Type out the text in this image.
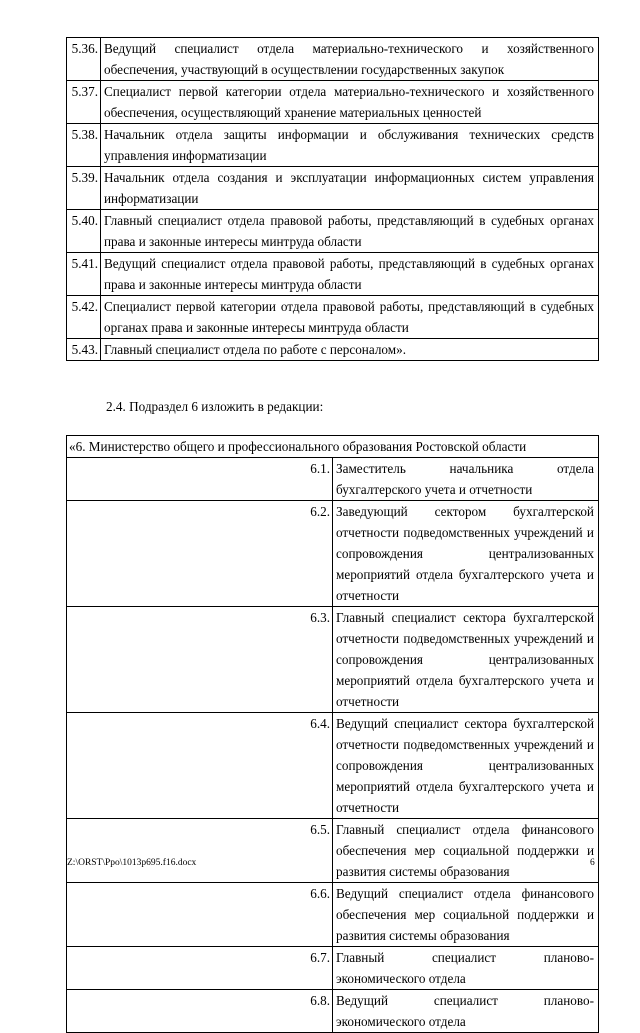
5.36.	Ведущий специалист отдела материально-технического и хозяйственного обеспечения, участвующий в осуществлении государственных закупок
5.37.	Специалист первой категории отдела материально-технического и хозяйственного обеспечения, осуществляющий хранение материальных ценностей
5.38.	Начальник отдела защиты информации и обслуживания технических средств управления информатизации
5.39.	Начальник отдела создания и эксплуатации информационных систем управления информатизации
5.40.	Главный специалист отдела правовой работы, представляющий в судебных органах права и законные интересы минтруда области
5.41.	Ведущий специалист отдела правовой работы, представляющий в судебных органах права и законные интересы минтруда области
5.42.	Специалист первой категории отдела правовой работы, представляющий в судебных органах права и законные интересы минтруда области
5.43.	Главный специалист отдела по работе с персоналом».
2.4. Подраздел 6 изложить в редакции:
«6. Министерство общего и профессионального образования Ростовской области	
6.1.	Заместитель начальника отдела бухгалтерского учета и отчетности
6.2.	Заведующий сектором бухгалтерской отчетности подведомственных учреждений и сопровождения централизованных мероприятий отдела бухгалтерского учета и отчетности
6.3.	Главный специалист сектора бухгалтерской отчетности подведомственных учреждений и сопровождения централизованных мероприятий отдела бухгалтерского учета и отчетности
6.4.	Ведущий специалист сектора бухгалтерской отчетности подведомственных учреждений и сопровождения централизованных мероприятий отдела бухгалтерского учета и отчетности
6.5.	Главный специалист отдела финансового обеспечения мер социальной поддержки и развития системы образования
6.6.	Ведущий специалист отдела финансового обеспечения мер социальной поддержки и развития системы образования
6.7.	Главный специалист планово-экономического отдела
6.8.	Ведущий специалист планово-экономического отдела
Z:\ORST\Ppo\1013p695.f16.docx	6
